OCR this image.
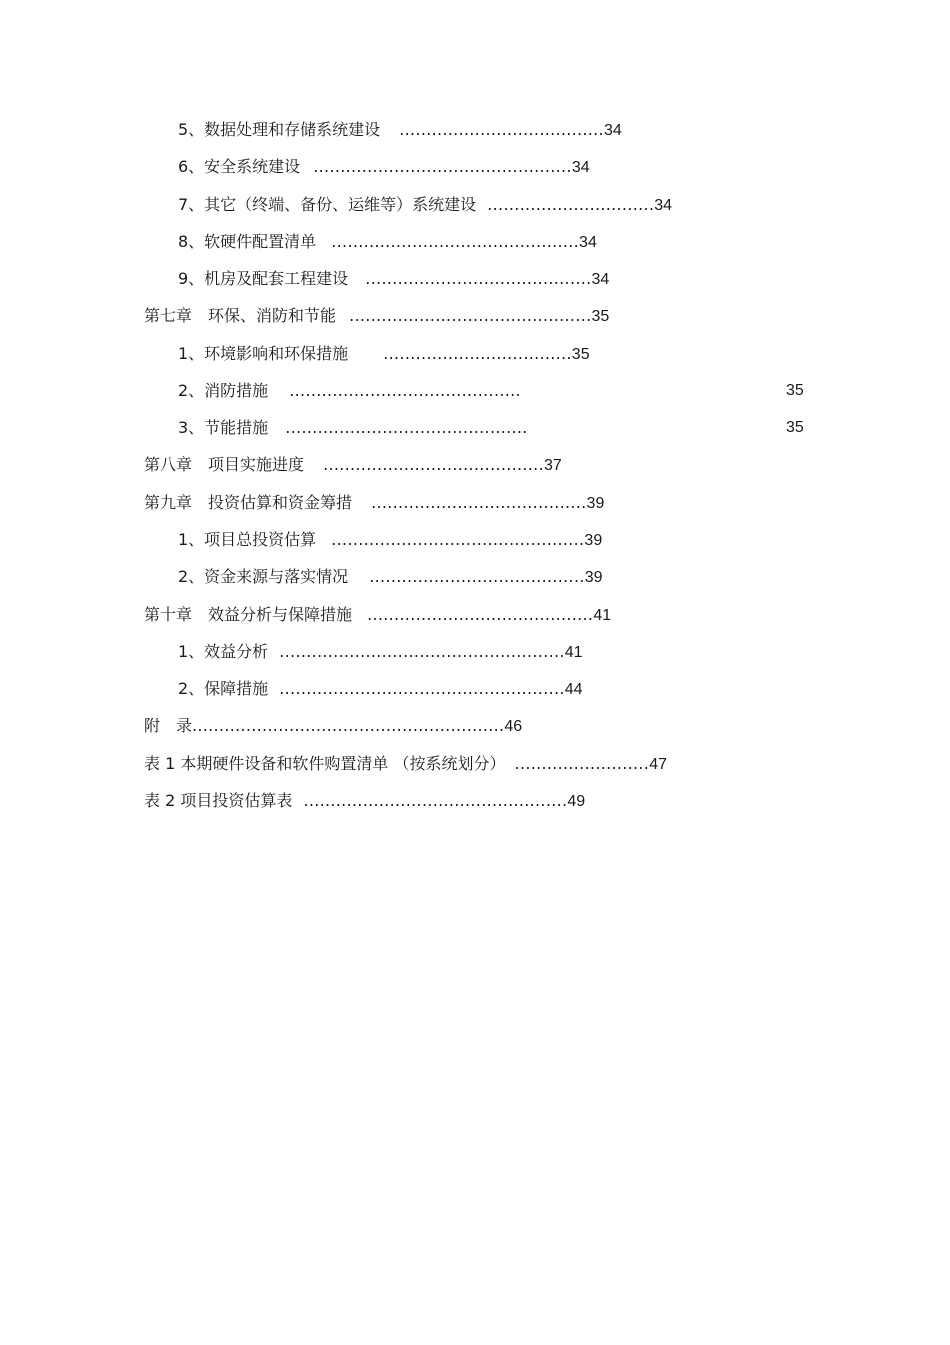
5、数据处理和存储系统建设 ......................................34
6、安全系统建设 ................................................34
7、其它（终端、备份、运维等）系统建设 ...............................34
8、软硬件配置清单 ..............................................34
9、机房及配套工程建设 ..........................................34
第七章　环保、消防和节能 .............................................35
1、环境影响和环保措施 ...................................35
2、消防措施 ...........................................	35
3、节能措施 .............................................	35
第八章　项目实施进度 .........................................37
第九章　投资估算和资金筹措 ........................................39
1、项目总投资估算 ...............................................39
2、资金来源与落实情况 ........................................39
第十章　效益分析与保障措施 ..........................................41
1、效益分析 .....................................................41
2、保障措施 .....................................................44
附　录..........................................................46
表 1 本期硬件设备和软件购置清单 （按系统划分） .........................47
表 2 项目投资估算表 .................................................49
